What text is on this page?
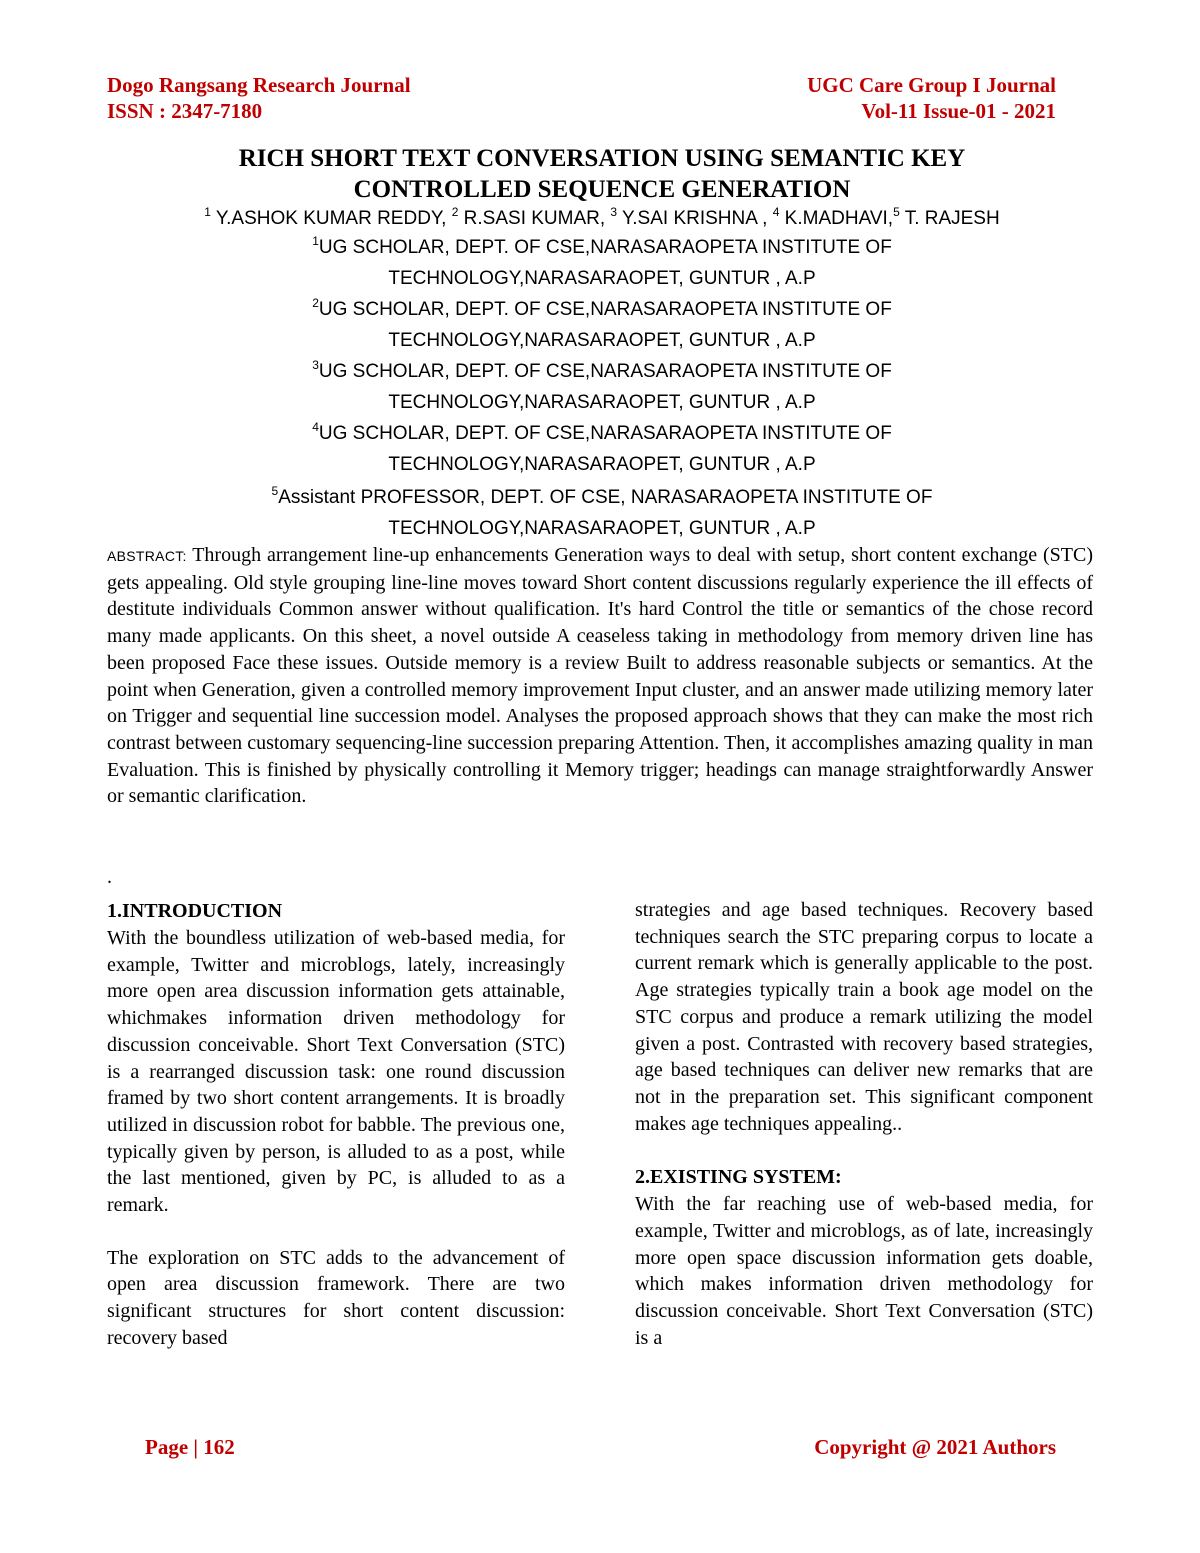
Dogo Rangsang Research Journal
ISSN : 2347-7180
UGC Care Group I Journal
Vol-11 Issue-01 - 2021
RICH SHORT TEXT CONVERSATION USING SEMANTIC KEY
CONTROLLED SEQUENCE GENERATION
$^1$ Y.ASHOK KUMAR REDDY, $^2$ R.SASI KUMAR, $^3$ Y.SAI KRISHNA , $^4$ K.MADHAVI,$^5$ T. RAJESH
$^1$UG SCHOLAR, DEPT. OF CSE,NARASARAOPETA INSTITUTE OF
TECHNOLOGY,NARASARAOPET, GUNTUR , A.P
$^2$UG SCHOLAR, DEPT. OF CSE,NARASARAOPETA INSTITUTE OF
TECHNOLOGY,NARASARAOPET, GUNTUR , A.P
$^3$UG SCHOLAR, DEPT. OF CSE,NARASARAOPETA INSTITUTE OF
TECHNOLOGY,NARASARAOPET, GUNTUR , A.P
$^4$UG SCHOLAR, DEPT. OF CSE,NARASARAOPETA INSTITUTE OF
TECHNOLOGY,NARASARAOPET, GUNTUR , A.P
$^5$Assistant PROFESSOR, DEPT. OF CSE, NARASARAOPETA INSTITUTE OF
TECHNOLOGY,NARASARAOPET, GUNTUR , A.P
ABSTRACT: Through arrangement line-up enhancements Generation ways to deal with setup, short content exchange (STC) gets appealing. Old style grouping line-line moves toward Short content discussions regularly experience the ill effects of destitute individuals Common answer without qualification. It's hard Control the title or semantics of the chose record many made applicants. On this sheet, a novel outside A ceaseless taking in methodology from memory driven line has been proposed Face these issues. Outside memory is a review Built to address reasonable subjects or semantics. At the point when Generation, given a controlled memory improvement Input cluster, and an answer made utilizing memory later on Trigger and sequential line succession model. Analyses the proposed approach shows that they can make the most rich contrast between customary sequencing-line succession preparing Attention. Then, it accomplishes amazing quality in man Evaluation. This is finished by physically controlling it Memory trigger; headings can manage straightforwardly Answer or semantic clarification.
.
1.INTRODUCTION

With the boundless utilization of web-based media, for example, Twitter and microblogs, lately, increasingly more open area discussion information gets attainable, whichmakes information driven methodology for discussion conceivable. Short Text Conversation (STC) is a rearranged discussion task: one round discussion framed by two short content arrangements. It is broadly utilized in discussion robot for babble. The previous one, typically given by person, is alluded to as a post, while the last mentioned, given by PC, is alluded to as a remark.

The exploration on STC adds to the advancement of open area discussion framework. There are two significant structures for short content discussion: recovery based

strategies and age based techniques. Recovery based techniques search the STC preparing corpus to locate a current remark which is generally applicable to the post. Age strategies typically train a book age model on the STC corpus and produce a remark utilizing the model given a post. Contrasted with recovery based strategies, age based techniques can deliver new remarks that are not in the preparation set. This significant component makes age techniques appealing..

2.EXISTING SYSTEM:

With the far reaching use of web-based media, for example, Twitter and microblogs, as of late, increasingly more open space discussion information gets doable, which makes information driven methodology for discussion conceivable. Short Text Conversation (STC) is a

Page | 162	Copyright @ 2021 Authors
